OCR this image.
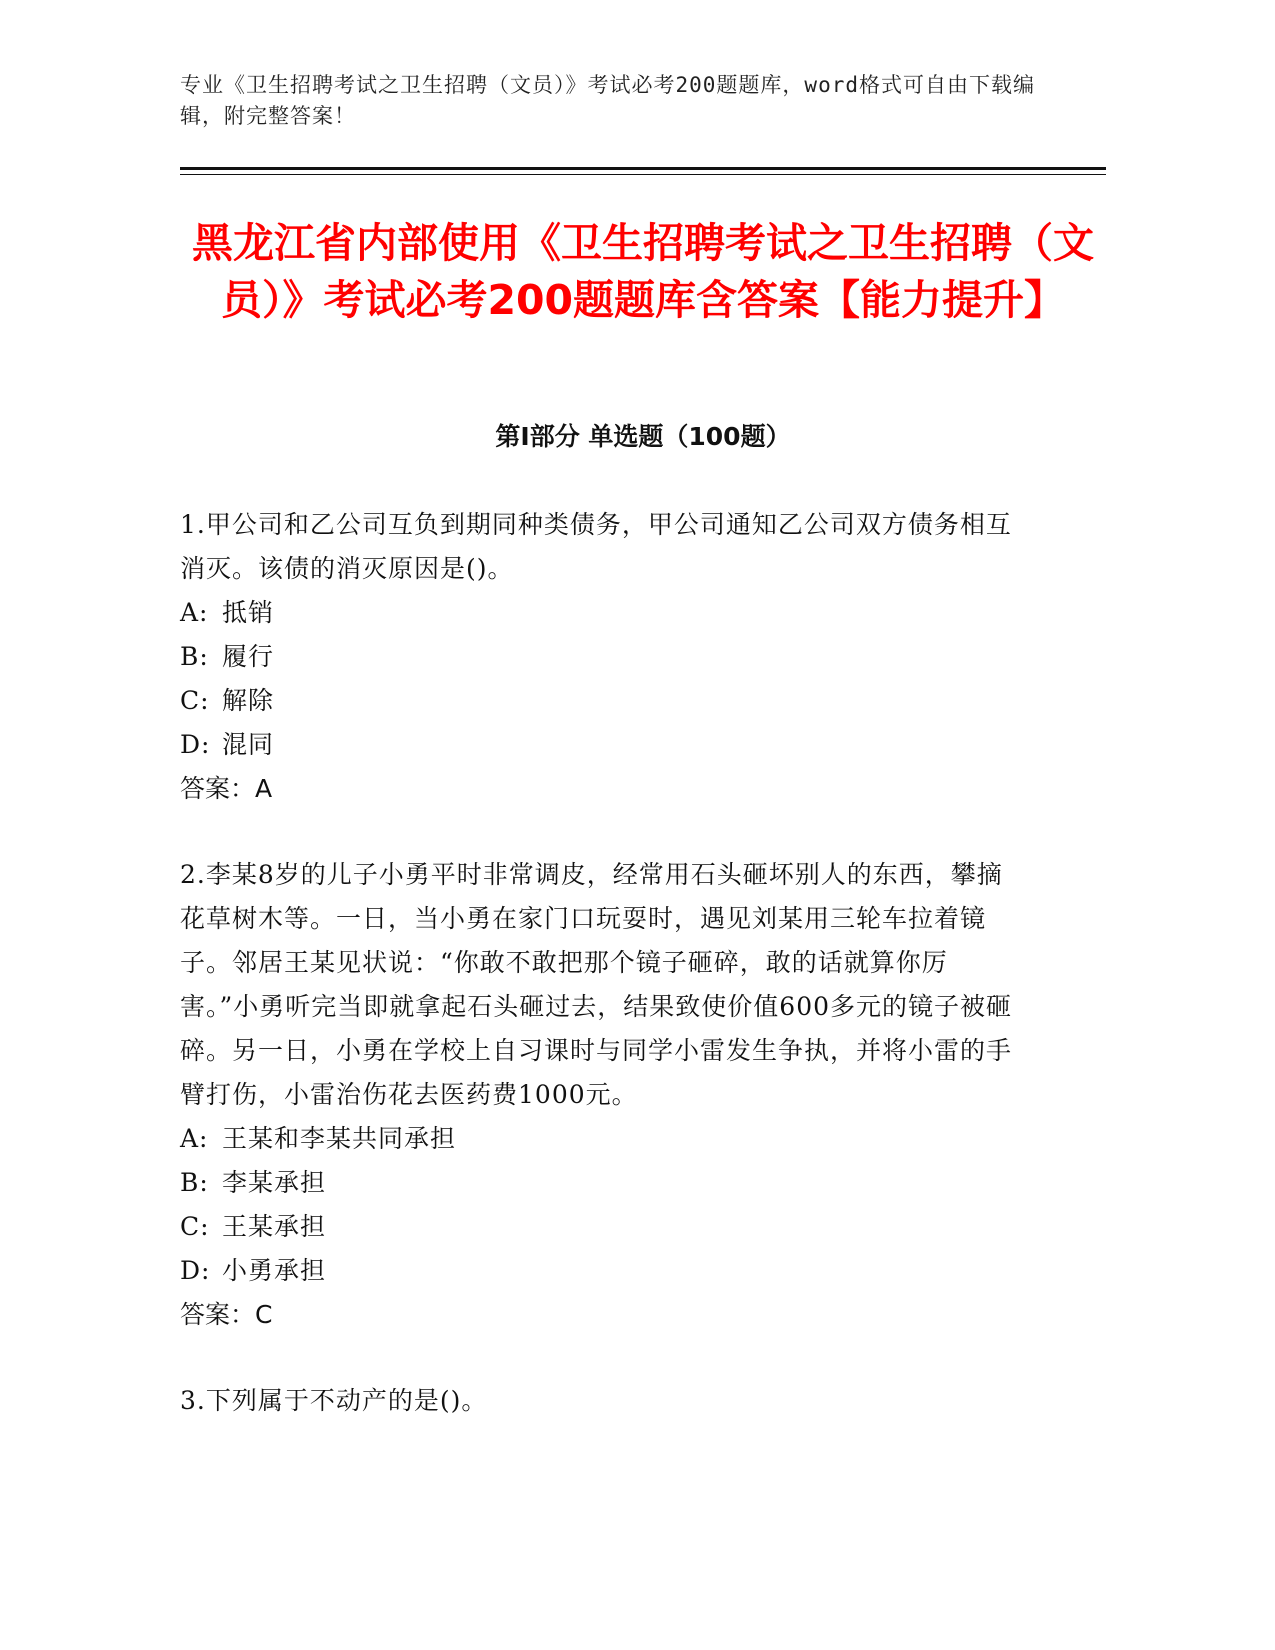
专业《卫生招聘考试之卫生招聘（文员）》考试必考200题题库，word格式可自由下载编辑，附完整答案！
黑龙江省内部使用《卫生招聘考试之卫生招聘（文员）》考试必考200题题库含答案【能力提升】
第I部分 单选题（100题）

1.甲公司和乙公司互负到期同种类债务，甲公司通知乙公司双方债务相互消灭。该债的消灭原因是()。

A: 抵销

B: 履行

C: 解除

D: 混同

答案：A

2.李某8岁的儿子小勇平时非常调皮，经常用石头砸坏别人的东西，攀摘花草树木等。一日，当小勇在家门口玩耍时，遇见刘某用三轮车拉着镜子。邻居王某见状说：“你敢不敢把那个镜子砸碎，敢的话就算你厉害。”小勇听完当即就拿起石头砸过去，结果致使价值600多元的镜子被砸碎。另一日，小勇在学校上自习课时与同学小雷发生争执，并将小雷的手臂打伤，小雷治伤花去医药费1000元。

A: 王某和李某共同承担

B: 李某承担

C: 王某承担

D: 小勇承担

答案：C

3.下列属于不动产的是()。
